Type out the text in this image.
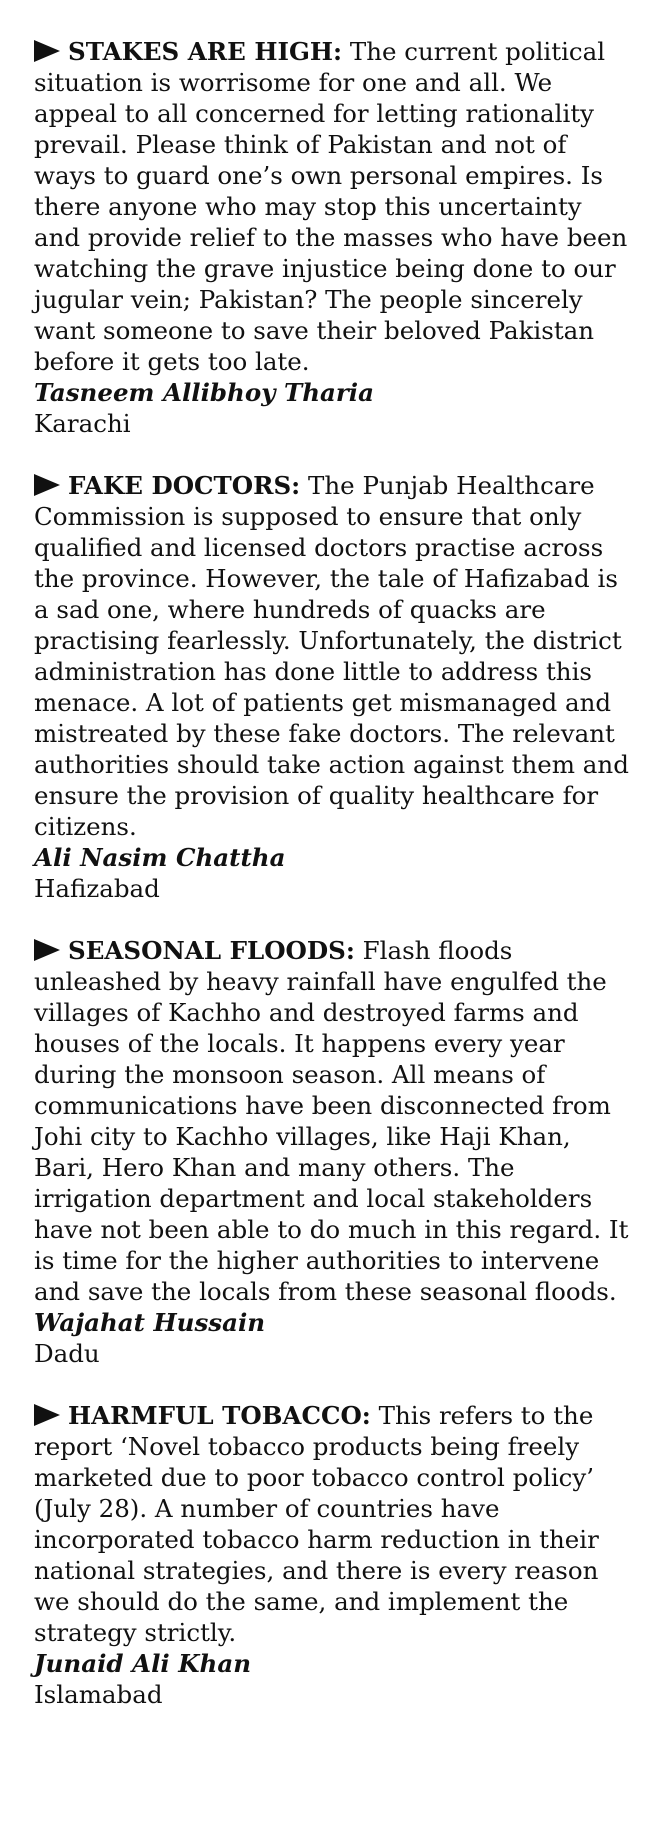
STAKES ARE HIGH: The current political situation is worrisome for one and all. We appeal to all concerned for letting rationality prevail. Please think of Pakistan and not of ways to guard one’s own personal empires. Is there anyone who may stop this uncertainty and provide relief to the masses who have been watching the grave injustice being done to our jugular vein; Pakistan? The people sincerely want someone to save their beloved Pakistan before it gets too late.

Tasneem Allibhoy Tharia

Karachi

FAKE DOCTORS: The Punjab Healthcare Commission is supposed to ensure that only qualified and licensed doctors practise across the province. However, the tale of Hafizabad is a sad one, where hundreds of quacks are practising fearlessly. Unfortunately, the district administration has done little to address this menace. A lot of patients get mismanaged and mistreated by these fake doctors. The relevant authorities should take action against them and ensure the provision of quality healthcare for citizens.

Ali Nasim Chattha

Hafizabad

SEASONAL FLOODS: Flash floods unleashed by heavy rainfall have engulfed the villages of Kachho and destroyed farms and houses of the locals. It happens every year during the monsoon season. All means of communications have been disconnected from Johi city to Kachho villages, like Haji Khan, Bari, Hero Khan and many others. The irrigation department and local stakeholders have not been able to do much in this regard. It is time for the higher authorities to intervene and save the locals from these seasonal floods.

Wajahat Hussain

Dadu

HARMFUL TOBACCO: This refers to the report ‘Novel tobacco products being freely marketed due to poor tobacco control policy’ (July 28). A number of countries have incorporated tobacco harm reduction in their national strategies, and there is every reason we should do the same, and implement the strategy strictly.

Junaid Ali Khan

Islamabad
